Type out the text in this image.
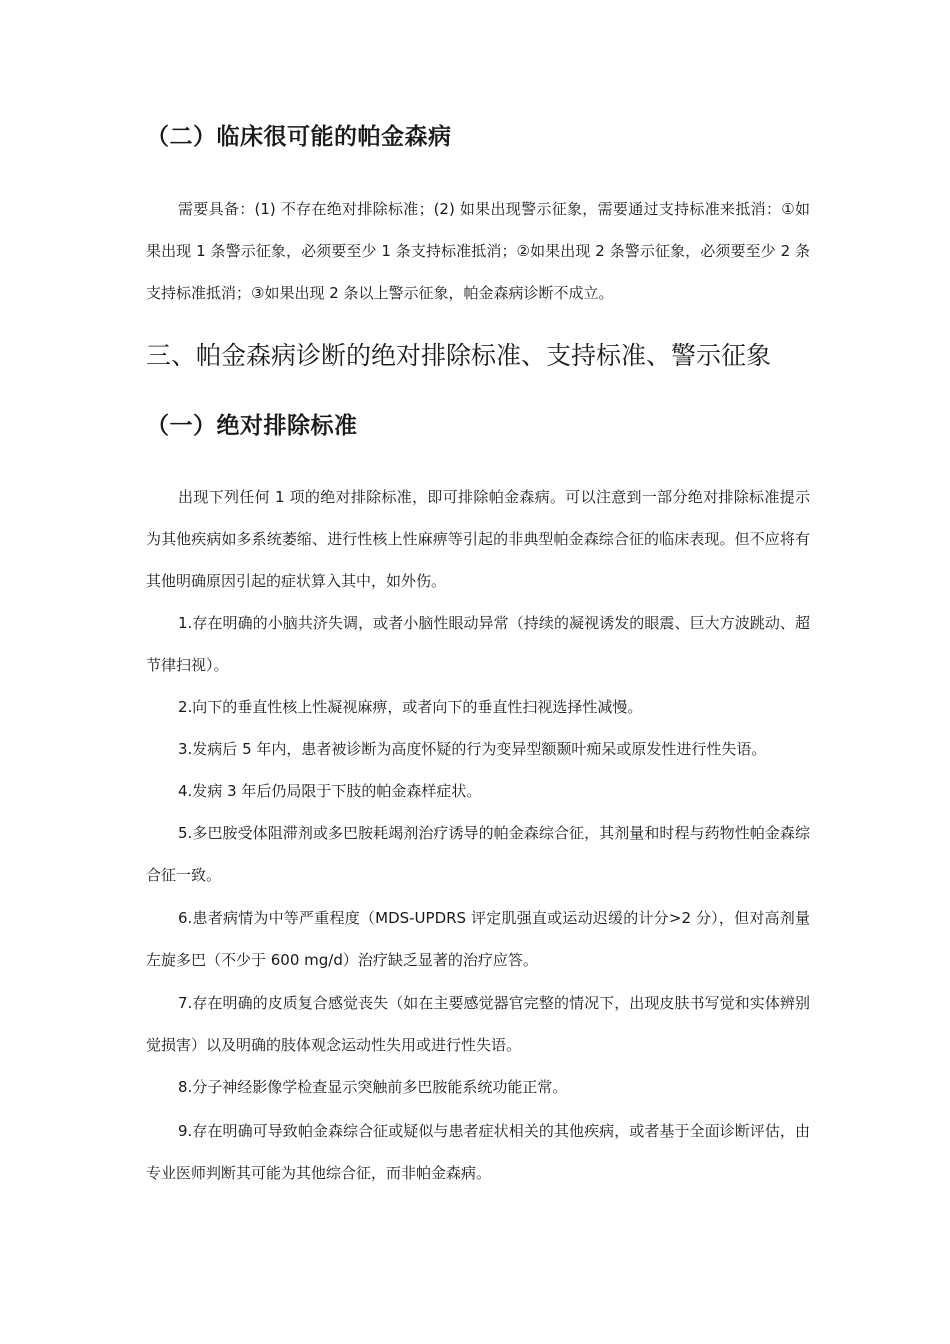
（二）临床很可能的帕金森病

需要具备：(1) 不存在绝对排除标准；(2) 如果出现警示征象，需要通过支持标准来抵消：①如果出现 1 条警示征象，必须要至少 1 条支持标准抵消；②如果出现 2 条警示征象，必须要至少 2 条支持标准抵消；③如果出现 2 条以上警示征象，帕金森病诊断不成立。

三、帕金森病诊断的绝对排除标准、支持标准、警示征象
（一）绝对排除标准

出现下列任何 1 项的绝对排除标准，即可排除帕金森病。可以注意到一部分绝对排除标准提示为其他疾病如多系统萎缩、进行性核上性麻痹等引起的非典型帕金森综合征的临床表现。但不应将有其他明确原因引起的症状算入其中，如外伤。

1.存在明确的小脑共济失调，或者小脑性眼动异常（持续的凝视诱发的眼震、巨大方波跳动、超节律扫视）。

2.向下的垂直性核上性凝视麻痹，或者向下的垂直性扫视选择性减慢。

3.发病后 5 年内，患者被诊断为高度怀疑的行为变异型额颞叶痴呆或原发性进行性失语。

4.发病 3 年后仍局限于下肢的帕金森样症状。

5.多巴胺受体阻滞剂或多巴胺耗竭剂治疗诱导的帕金森综合征，其剂量和时程与药物性帕金森综合征一致。

6.患者病情为中等严重程度（MDS-UPDRS 评定肌强直或运动迟缓的计分>2 分），但对高剂量左旋多巴（不少于 600 mg/d）治疗缺乏显著的治疗应答。

7.存在明确的皮质复合感觉丧失（如在主要感觉器官完整的情况下，出现皮肤书写觉和实体辨别觉损害）以及明确的肢体观念运动性失用或进行性失语。

8.分子神经影像学检查显示突触前多巴胺能系统功能正常。

9.存在明确可导致帕金森综合征或疑似与患者症状相关的其他疾病，或者基于全面诊断评估，由专业医师判断其可能为其他综合征，而非帕金森病。
